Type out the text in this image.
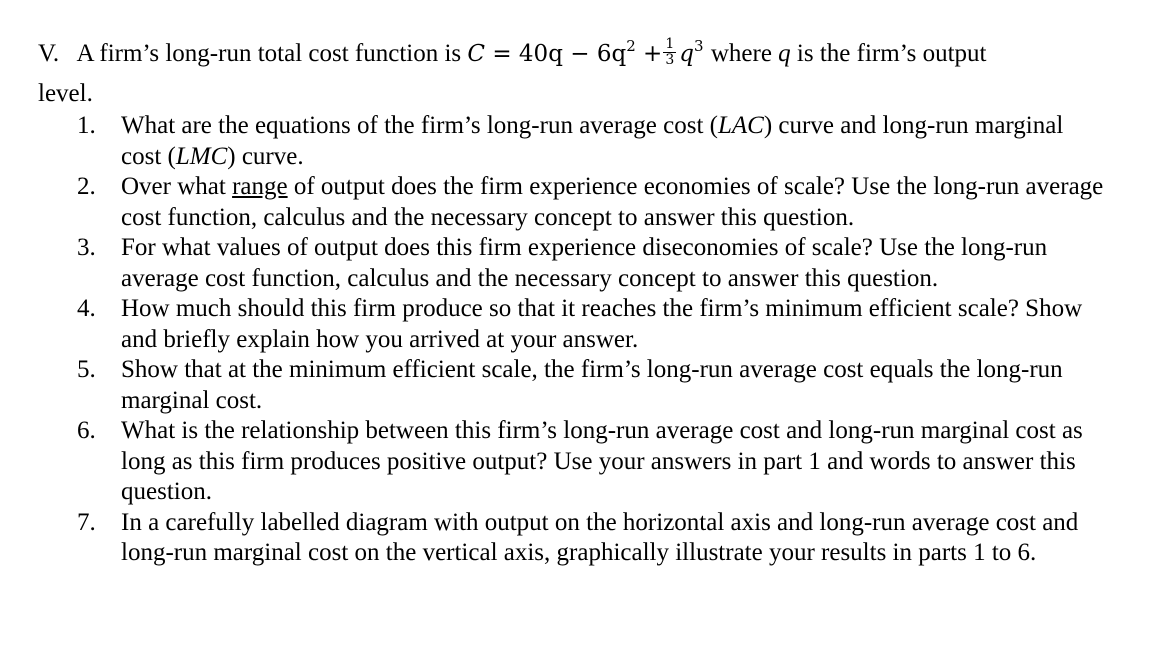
V. A firm’s long-run total cost function is $C = 40q - 6q^2 + \frac{1}{3} q^3$ where q is the firm’s output
level.
1. What are the equations of the firm’s long-run average cost (LAC) curve and long-run marginal cost (LMC) curve.
2. Over what range of output does the firm experience economies of scale? Use the long-run average cost function, calculus and the necessary concept to answer this question.
3. For what values of output does this firm experience diseconomies of scale? Use the long-run average cost function, calculus and the necessary concept to answer this question.
4. How much should this firm produce so that it reaches the firm’s minimum efficient scale? Show and briefly explain how you arrived at your answer.
5. Show that at the minimum efficient scale, the firm’s long-run average cost equals the long-run marginal cost.
6. What is the relationship between this firm’s long-run average cost and long-run marginal cost as long as this firm produces positive output? Use your answers in part 1 and words to answer this question.
7. In a carefully labelled diagram with output on the horizontal axis and long-run average cost and long-run marginal cost on the vertical axis, graphically illustrate your results in parts 1 to 6.
